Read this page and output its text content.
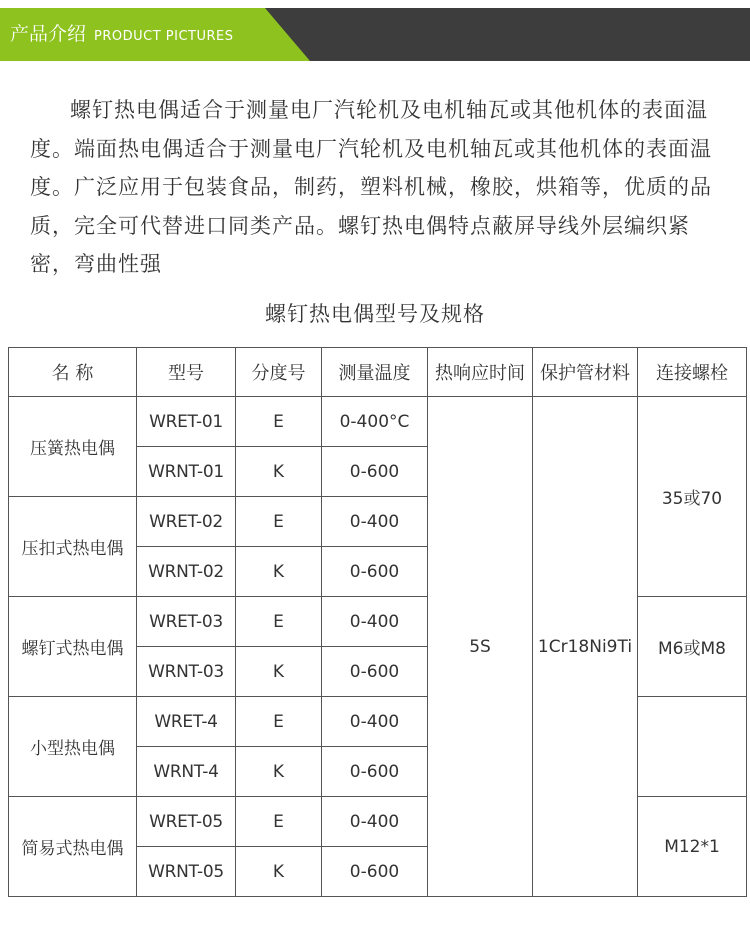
产品介绍 PRODUCT PICTURES

螺钉热电偶适合于测量电厂汽轮机及电机轴瓦或其他机体的表面温度。端面热电偶适合于测量电厂汽轮机及电机轴瓦或其他机体的表面温度。广泛应用于包装食品，制药，塑料机械，橡胶，烘箱等，优质的品质，完全可代替进口同类产品。螺钉热电偶特点蔽屏导线外层编织紧密，弯曲性强

螺钉热电偶型号及规格

名 称	型号	分度号	测量温度	热响应时间	保护管材料	连接螺栓
压簧热电偶	WRET-01	E	0-400°C	5S	1Cr18Ni9Ti	35或70
	WRNT-01	K	0-600			
压扣式热电偶	WRET-02	E	0-400			
	WRNT-02	K	0-600			
螺钉式热电偶	WRET-03	E	0-400			M6或M8
	WRNT-03	K	0-600			
小型热电偶	WRET-4	E	0-400			
	WRNT-4	K	0-600			
简易式热电偶	WRET-05	E	0-400			M12*1
	WRNT-05	K	0-600			
